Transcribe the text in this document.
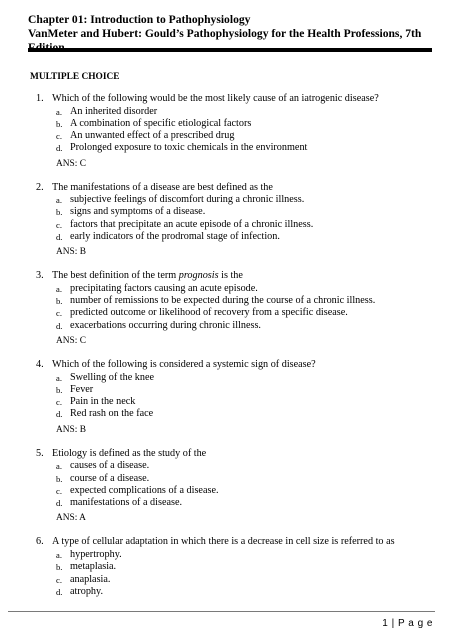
Chapter 01: Introduction to Pathophysiology
VanMeter and Hubert: Gould’s Pathophysiology for the Health Professions, 7th
MULTIPLE CHOICE
1. Which of the following would be the most likely cause of an iatrogenic disease?
a. An inherited disorder
b. A combination of specific etiological factors
c. An unwanted effect of a prescribed drug
d. Prolonged exposure to toxic chemicals in the environment
ANS: C
2. The manifestations of a disease are best defined as the
a. subjective feelings of discomfort during a chronic illness.
b. signs and symptoms of a disease.
c. factors that precipitate an acute episode of a chronic illness.
d. early indicators of the prodromal stage of infection.
ANS: B
3. The best definition of the term prognosis is the
a. precipitating factors causing an acute episode.
b. number of remissions to be expected during the course of a chronic illness.
c. predicted outcome or likelihood of recovery from a specific disease.
d. exacerbations occurring during chronic illness.
ANS: C
4. Which of the following is considered a systemic sign of disease?
a. Swelling of the knee
b. Fever
c. Pain in the neck
d. Red rash on the face
ANS: B
5. Etiology is defined as the study of the
a. causes of a disease.
b. course of a disease.
c. expected complications of a disease.
d. manifestations of a disease.
ANS: A
6. A type of cellular adaptation in which there is a decrease in cell size is referred to as
a. hypertrophy.
b. metaplasia.
c. anaplasia.
d. atrophy.
1 | P a g e
